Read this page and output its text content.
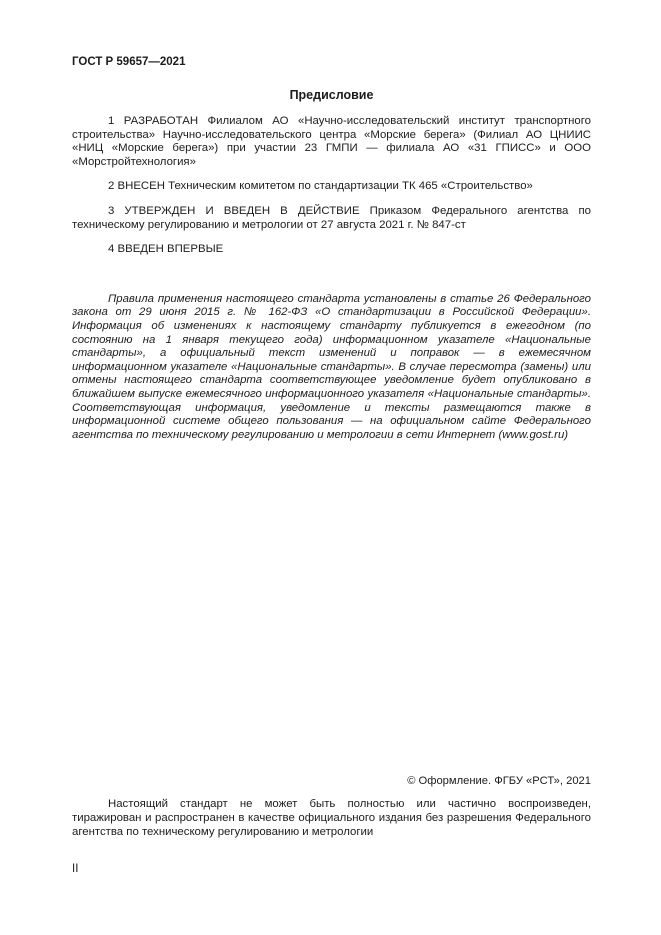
ГОСТ Р 59657—2021
Предисловие

1 РАЗРАБОТАН Филиалом АО «Научно-исследовательский институт транспортного строительства» Научно-исследовательского центра «Морские берега» (Филиал АО ЦНИИС «НИЦ «Морские берега») при участии 23 ГМПИ — филиала АО «31 ГПИСС» и ООО «Морстройтехнология»

2 ВНЕСЕН Техническим комитетом по стандартизации ТК 465 «Строительство»

3 УТВЕРЖДЕН И ВВЕДЕН В ДЕЙСТВИЕ Приказом Федерального агентства по техническому регулированию и метрологии от 27 августа 2021 г. № 847-ст

4 ВВЕДЕН ВПЕРВЫЕ

Правила применения настоящего стандарта установлены в статье 26 Федерального закона от 29 июня 2015 г. № 162-ФЗ «О стандартизации в Российской Федерации». Информация об изменениях к настоящему стандарту публикуется в ежегодном (по состоянию на 1 января текущего года) информационном указателе «Национальные стандарты», а официальный текст изменений и поправок — в ежемесячном информационном указателе «Национальные стандарты». В случае пересмотра (замены) или отмены настоящего стандарта соответствующее уведомление будет опубликовано в ближайшем выпуске ежемесячного информационного указателя «Национальные стандарты». Соответствующая информация, уведомление и тексты размещаются также в информационной системе общего пользования — на официальном сайте Федерального агентства по техническому регулированию и метрологии в сети Интернет (www.gost.ru)

© Оформление. ФГБУ «РСТ», 2021

Настоящий стандарт не может быть полностью или частично воспроизведен, тиражирован и распространен в качестве официального издания без разрешения Федерального агентства по техническому регулированию и метрологии

II
